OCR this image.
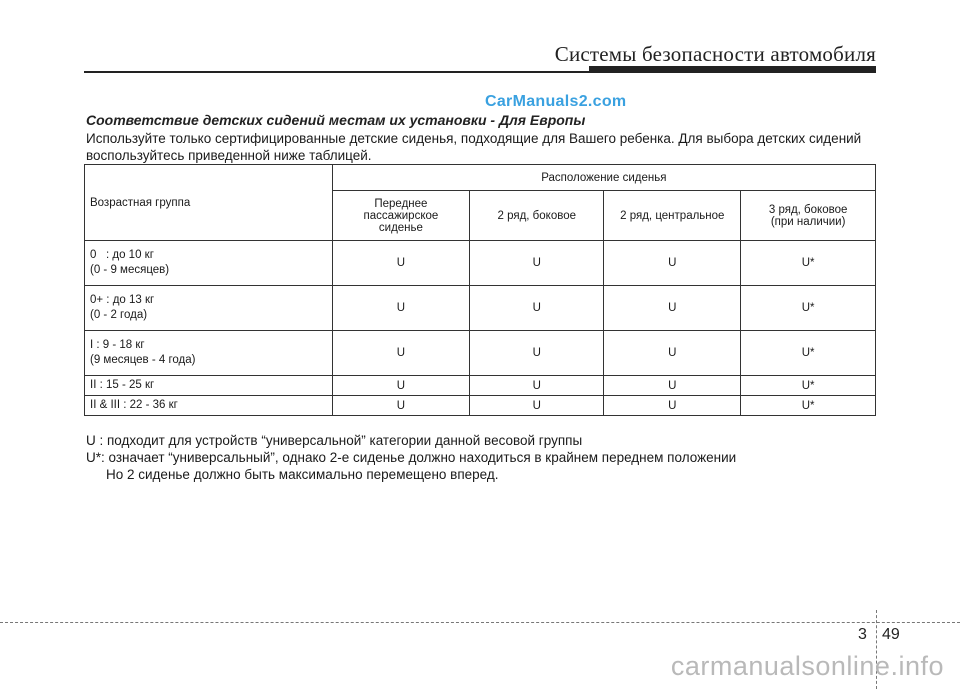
Системы безопасности автомобиля
CarManuals2.com
Соответствие детских сидений местам их установки - Для Европы
Используйте только сертифицированные детские сиденья, подходящие для Вашего ребенка. Для выбора детских сидений воспользуйтесь приведенной ниже таблицей.
Возрастная группа	Расположение сиденья			

	Переднее
пассажирское
сиденье	2 ряд, боковое	2 ряд, центральное	3 ряд, боковое
(при наличии)

0   : до 10 кг
(0 - 9 месяцев)	U	U	U	U*

0+ : до 13 кг
(0 - 2 года)	U	U	U	U*

I : 9 - 18 кг
(9 месяцев - 4 года)	U	U	U	U*

II : 15 - 25 кг	U	U	U	U*

II & III : 22 - 36 кг	U	U	U	U*
U : подходит для устройств “универсальной” категории данной весовой группы
U*: означает “универсальный”, однако 2-е сиденье должно находиться в крайнем переднем положении
Но 2 сиденье должно быть максимально перемещено вперед.
3 49
carmanualsonline.info
